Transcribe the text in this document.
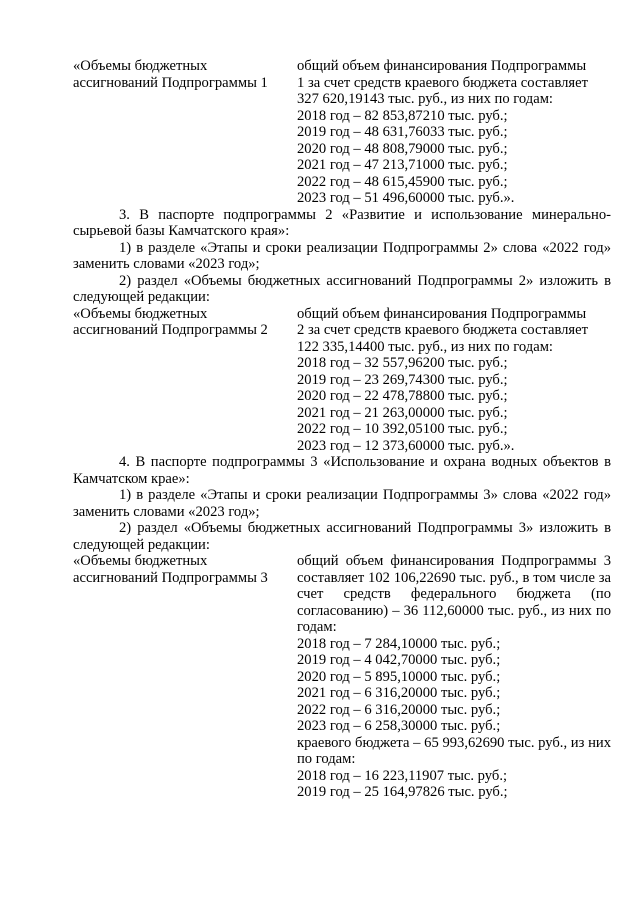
«Объемы бюджетных
ассигнований Подпрограммы 1
общий объем финансирования Подпрограммы
1 за счет средств краевого бюджета составляет
327 620,19143 тыс. руб., из них по годам:
2018 год – 82 853,87210 тыс. руб.;
2019 год – 48 631,76033 тыс. руб.;
2020 год – 48 808,79000 тыс. руб.;
2021 год – 47 213,71000 тыс. руб.;
2022 год – 48 615,45900 тыс. руб.;
2023 год – 51 496,60000 тыс. руб.».
3. В паспорте подпрограммы 2 «Развитие и использование минерально-сырьевой базы Камчатского края»:
1) в разделе «Этапы и сроки реализации Подпрограммы 2» слова «2022 год» заменить словами «2023 год»;
2) раздел «Объемы бюджетных ассигнований Подпрограммы 2» изложить в следующей редакции:
«Объемы бюджетных
ассигнований Подпрограммы 2
общий объем финансирования Подпрограммы
2 за счет средств краевого бюджета составляет
122 335,14400 тыс. руб., из них по годам:
2018 год – 32 557,96200 тыс. руб.;
2019 год – 23 269,74300 тыс. руб.;
2020 год – 22 478,78800 тыс. руб.;
2021 год – 21 263,00000 тыс. руб.;
2022 год – 10 392,05100 тыс. руб.;
2023 год – 12 373,60000 тыс. руб.».
4. В паспорте подпрограммы 3 «Использование и охрана водных объектов в Камчатском крае»:
1) в разделе «Этапы и сроки реализации Подпрограммы 3» слова «2022 год» заменить словами «2023 год»;
2) раздел «Объемы бюджетных ассигнований Подпрограммы 3» изложить в следующей редакции:
«Объемы бюджетных
ассигнований Подпрограммы 3
общий объем финансирования Подпрограммы 3 составляет 102 106,22690 тыс. руб., в том числе за счет средств федерального бюджета (по согласованию) – 36 112,60000 тыс. руб., из них по годам:
2018 год – 7 284,10000 тыс. руб.;
2019 год – 4 042,70000 тыс. руб.;
2020 год – 5 895,10000 тыс. руб.;
2021 год – 6 316,20000 тыс. руб.;
2022 год – 6 316,20000 тыс. руб.;
2023 год – 6 258,30000 тыс. руб.;
краевого бюджета – 65 993,62690 тыс. руб., из них по годам:
2018 год – 16 223,11907 тыс. руб.;
2019 год – 25 164,97826 тыс. руб.;
